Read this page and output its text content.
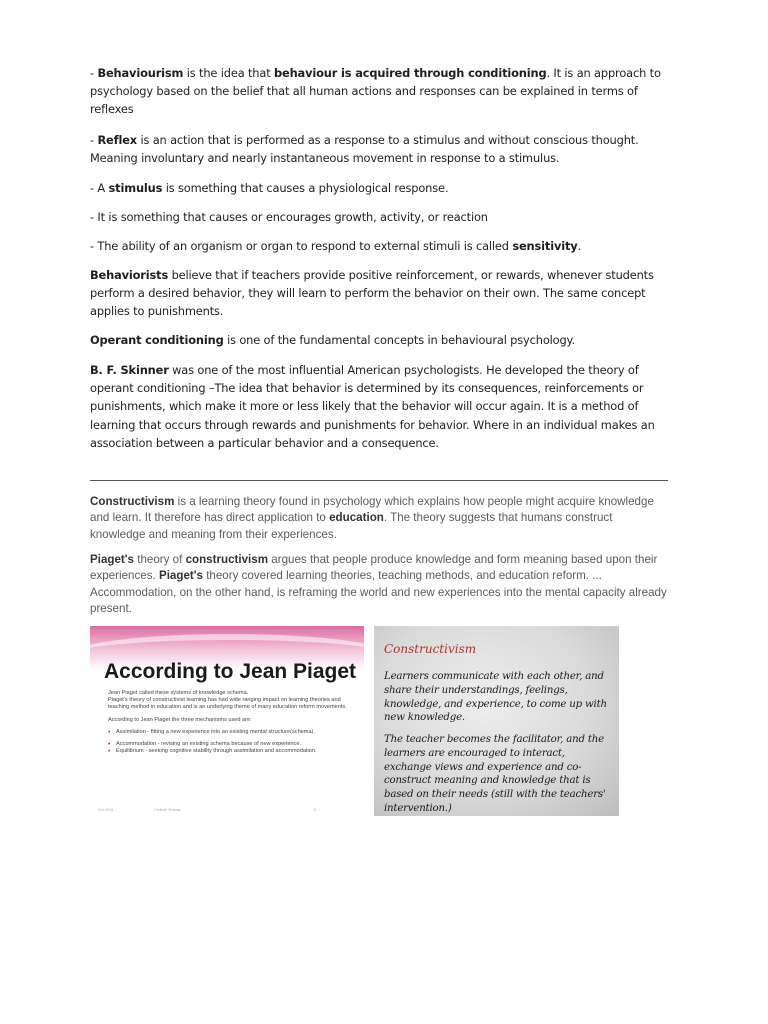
- Behaviourism is the idea that behaviour is acquired through conditioning. It is an approach to psychology based on the belief that all human actions and responses can be explained in terms of reflexes

- Reflex is an action that is performed as a response to a stimulus and without conscious thought. Meaning involuntary and nearly instantaneous movement in response to a stimulus.

- A stimulus is something that causes a physiological response.

- It is something that causes or encourages growth, activity, or reaction

- The ability of an organism or organ to respond to external stimuli is called sensitivity.

Behaviorists believe that if teachers provide positive reinforcement, or rewards, whenever students perform a desired behavior, they will learn to perform the behavior on their own. The same concept applies to punishments.

Operant conditioning is one of the fundamental concepts in behavioural psychology.

B. F. Skinner was one of the most influential American psychologists. He developed the theory of operant conditioning –The idea that behavior is determined by its consequences, reinforcements or punishments, which make it more or less likely that the behavior will occur again. It is a method of learning that occurs through rewards and punishments for behavior. Where in an individual makes an association between a particular behavior and a consequence.

Constructivism is a learning theory found in psychology which explains how people might acquire knowledge and learn. It therefore has direct application to education. The theory suggests that humans construct knowledge and meaning from their experiences.

Piaget's theory of constructivism argues that people produce knowledge and form meaning based upon their experiences. Piaget's theory covered learning theories, teaching methods, and education reform. ... Accommodation, on the other hand, is reframing the world and new experiences into the mental capacity already present.

According to Jean Piaget

Jean Piaget called these systems of knowledge schema.

Piaget's theory of constructivist learning has had wide ranging impact on learning theories and teaching method in education and is an underlying theme of many education reform movements.

According to Jean Piaget the three mechanisms used are:

• Assimilation - fitting a new experience into an existing mental structure(schema).

• Accommodation - revising an existing schema because of new experience.

• Equilibrium - seeking cognitive stability through assimilation and accommodation.

6/11/2016	Paritosh Sharma	8
Constructivism

Learners communicate with each other, and share their understandings, feelings, knowledge, and experience, to come up with new knowledge.

The teacher becomes the facilitator, and the learners are encouraged to interact, exchange views and experience and co-construct meaning and knowledge that is based on their needs (still with the teachers' intervention.)
